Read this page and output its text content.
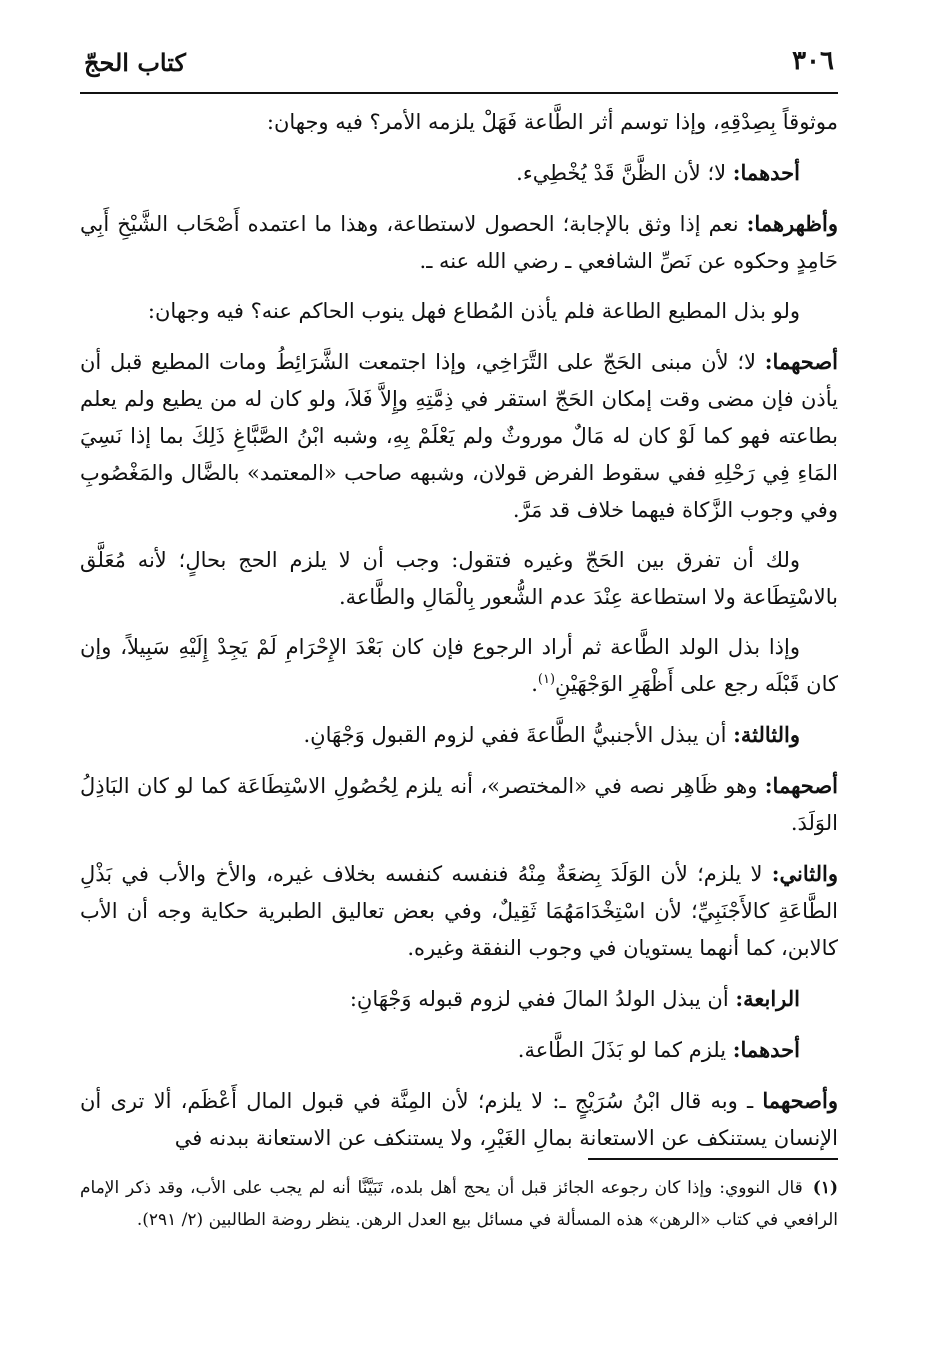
٣٠٦
كتاب الحجّ

موثوقاً بِصِدْقِهِ، وإذا توسم أثر الطَّاعة فَهَلْ يلزمه الأمر؟ فيه وجهان:

أحدهما: لا؛ لأن الظَّنَّ قَدْ يُخْطِيء.

وأظهرهما: نعم إذا وثق بالإجابة؛ الحصول لاستطاعة، وهذا ما اعتمده أَصْحَاب الشَّيْخِ أَبِي حَامِدٍ وحكوه عن نَصِّ الشافعي ـ رضي الله عنه ـ.

ولو بذل المطيع الطاعة فلم يأذن المُطاع فهل ينوب الحاكم عنه؟ فيه وجهان:

أصحهما: لا؛ لأن مبنى الحَجّ على التَّرَاخِي، وإذا اجتمعت الشَّرَائِطُ ومات المطيع قبل أن يأذن فإن مضى وقت إمكان الحَجّ استقر في ذِمَّتِهِ وإِلاَّ فَلاَ، ولو كان له من يطيع ولم يعلم بطاعته فهو كما لَوْ كان له مَالٌ موروثٌ ولم يَعْلَمْ بِهِ، وشبه ابْنُ الصَّبَّاغِ ذَلِكَ بما إذا نَسِيَ المَاءِ فِي رَحْلِهِ ففي سقوط الفرض قولان، وشبهه صاحب «المعتمد» بالضَّال والمَغْصُوبِ وفي وجوب الزَّكاة فيهما خلاف قد مَرَّ.

ولك أن تفرق بين الحَجّ وغيره فتقول: وجب أن لا يلزم الحج بحالٍ؛ لأنه مُعَلَّق بالاسْتِطَاعة ولا استطاعة عِنْدَ عدم الشُّعور بِالْمَالِ والطَّاعة.

وإذا بذل الولد الطَّاعة ثم أراد الرجوع فإن كان بَعْدَ الإِحْرَامِ لَمْ يَجِدْ إِلَيْهِ سَبِيلاً، وإن كان قَبْلَه رجع على أَظْهَرِ الوَجْهَيْنِ$^{(١)}$.

والثالثة: أن يبذل الأجنبيُّ الطَّاعةَ ففي لزوم القبول وَجْهَانِ.

أصحهما: وهو ظَاهِر نصه في «المختصر»، أنه يلزم لِحُصُولِ الاسْتِطَاعَة كما لو كان البَاذِلُ الوَلَدَ.

والثاني: لا يلزم؛ لأن الوَلَدَ بِضعَةٌ مِنْهُ فنفسه كنفسه بخلاف غيره، والأخ والأب في بَذْلِ الطَّاعَةِ كالأَجْنَبِيِّ؛ لأن اسْتِخْدَامَهُمَا ثَقِيلٌ، وفي بعض تعاليق الطبرية حكاية وجه أن الأب كالابن، كما أنهما يستويان في وجوب النفقة وغيره.

الرابعة: أن يبذل الولدُ المالَ ففي لزوم قبوله وَجْهَانِ:

أحدهما: يلزم كما لو بَذَلَ الطَّاعة.

وأصحهما ـ وبه قال ابْنُ سُرَيْجٍ ـ: لا يلزم؛ لأن المِنَّة في قبول المال أَعْظَم، ألا ترى أن الإنسان يستنكف عن الاستعانة بمالِ الغَيْرِ، ولا يستنكف عن الاستعانة ببدنه في

(١)قال النووي: وإذا كان رجوعه الجائز قبل أن يحج أهل بلده، تَبَيَّنَّا أنه لم يجب على الأب، وقد ذكر الإمام الرافعي في كتاب «الرهن» هذه المسألة في مسائل بيع العدل الرهن. ينظر روضة الطالبين (٢/ ٢٩١).
